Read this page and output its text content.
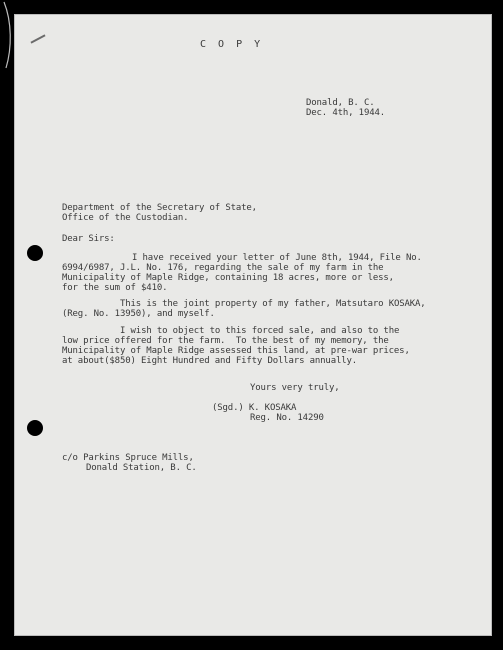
C O P Y
Donald, B. C.
Dec. 4th, 1944.
Department of the Secretary of State,
Office of the Custodian.
Dear Sirs:
I have received your letter of June 8th, 1944, File No.
6994/6987, J.L. No. 176, regarding the sale of my farm in the
Municipality of Maple Ridge, containing 18 acres, more or less,
for the sum of $410.
This is the joint property of my father, Matsutaro KOSAKA,
(Reg. No. 13950), and myself.
I wish to object to this forced sale, and also to the
low price offered for the farm.  To the best of my memory, the
Municipality of Maple Ridge assessed this land, at pre-war prices,
at about($850) Eight Hundred and Fifty Dollars annually.
Yours very truly,
(Sgd.) K. KOSAKA
Reg. No. 14290
c/o Parkins Spruce Mills,
Donald Station, B. C.
